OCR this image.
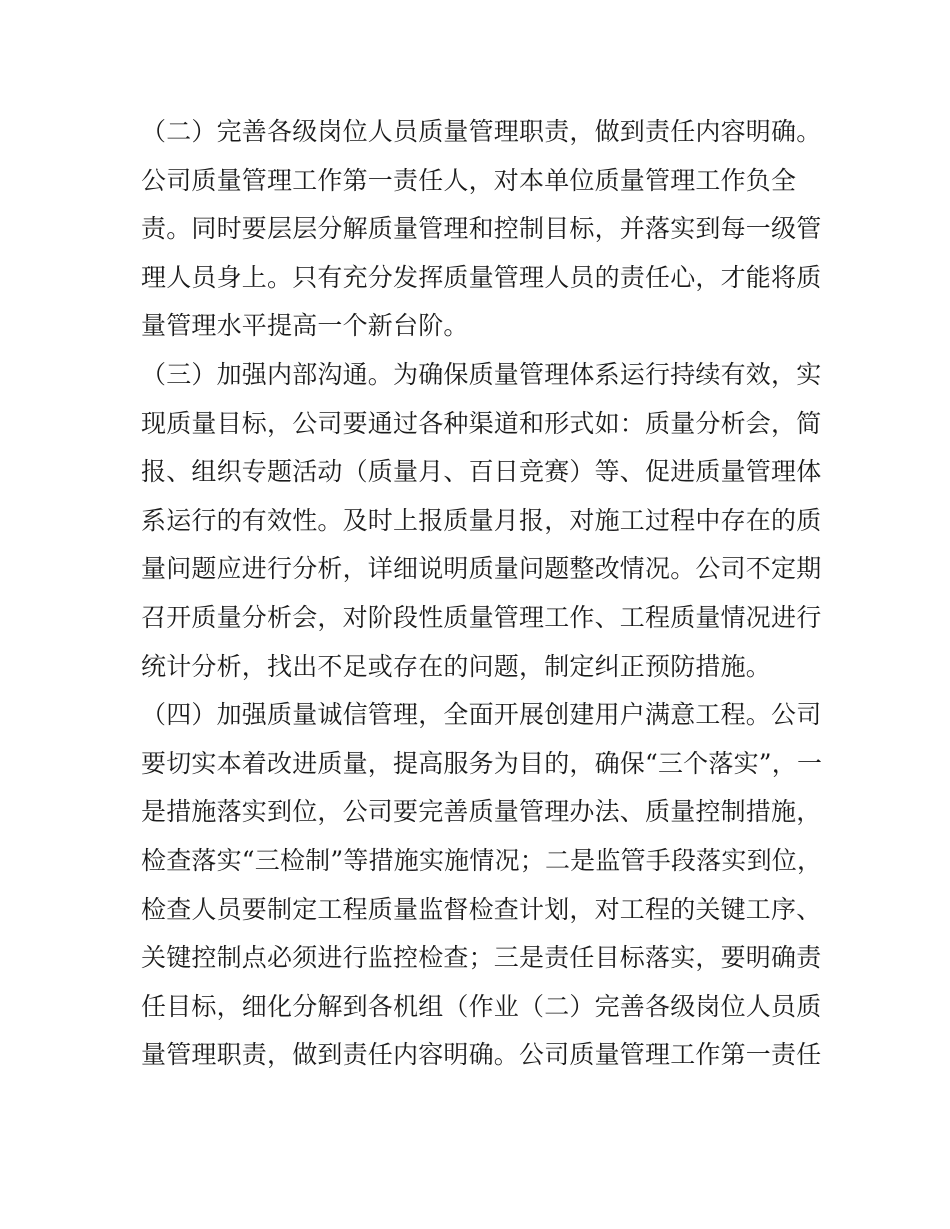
（二）完善各级岗位人员质量管理职责，做到责任内容明确。
公司质量管理工作第一责任人，对本单位质量管理工作负全
责。同时要层层分解质量管理和控制目标，并落实到每一级管
理人员身上。只有充分发挥质量管理人员的责任心，才能将质
量管理水平提高一个新台阶。
（三）加强内部沟通。为确保质量管理体系运行持续有效，实
现质量目标，公司要通过各种渠道和形式如：质量分析会，简
报、组织专题活动（质量月、百日竞赛）等、促进质量管理体
系运行的有效性。及时上报质量月报，对施工过程中存在的质
量问题应进行分析，详细说明质量问题整改情况。公司不定期
召开质量分析会，对阶段性质量管理工作、工程质量情况进行
统计分析，找出不足或存在的问题，制定纠正预防措施。
（四）加强质量诚信管理，全面开展创建用户满意工程。公司
要切实本着改进质量，提高服务为目的，确保“三个落实”，一
是措施落实到位，公司要完善质量管理办法、质量控制措施，
检查落实“三检制”等措施实施情况；二是监管手段落实到位，
检查人员要制定工程质量监督检查计划，对工程的关键工序、
关键控制点必须进行监控检查；三是责任目标落实，要明确责
任目标，细化分解到各机组（作业（二）完善各级岗位人员质
量管理职责，做到责任内容明确。公司质量管理工作第一责任
